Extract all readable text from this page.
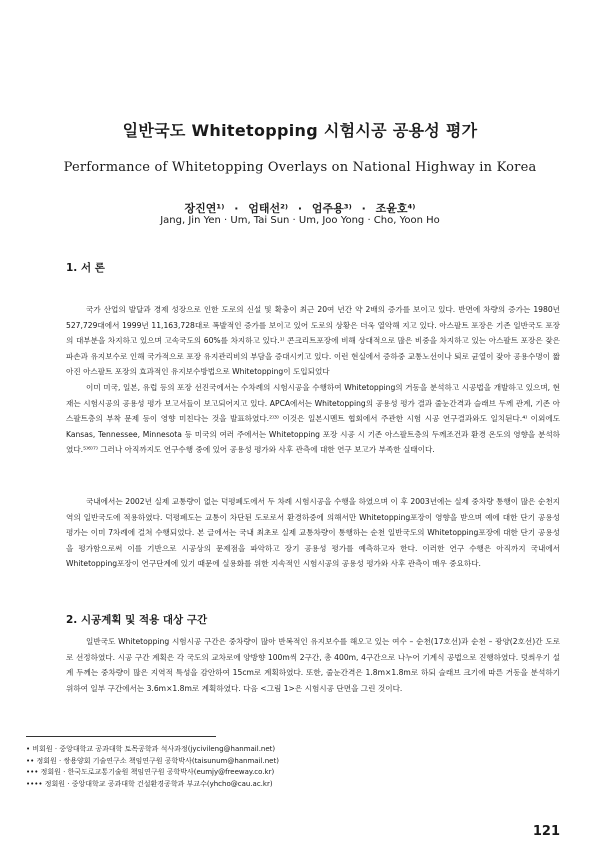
일반국도 Whitetopping 시험시공 공용성 평가
Performance of Whitetopping Overlays on National Highway in Korea
장진연¹⁾ · 엄태선²⁾ · 엄주용³⁾ · 조윤호⁴⁾
Jang, Jin Yen · Um, Tai Sun · Um, Joo Yong · Cho, Yoon Ho
1. 서 론

국가 산업의 발달과 경제 성장으로 인한 도로의 신설 및 확충이 최근 20여 년간 약 2배의 증가를 보이고 있다. 반면에 차량의 증가는 1980년 527,729대에서 1999년 11,163,728대로 폭발적인 증가를 보이고 있어 도로의 상황은 더욱 열악해 지고 있다. 아스팔트 포장은 기존 일반국도 포장의 대부분을 차지하고 있으며 고속국도의 60%를 차지하고 있다.¹⁾ 콘크리트포장에 비해 상대적으로 많은 비중을 차지하고 있는 아스팔트 포장은 잦은 파손과 유지보수로 인해 국가적으로 포장 유지관리비의 부담을 증대시키고 있다. 이런 현실에서 증하중 교통노선이나 퇴로 균열이 잦아 공용수명이 짧아진 아스팔트 포장의 효과적인 유지보수방법으로 Whitetopping이 도입되었다

이미 미국, 일본, 유럽 등의 포장 선진국에서는 수차례의 시험시공을 수행하여 Whitetopping의 거동을 분석하고 시공법을 개발하고 있으며, 현재는 시험시공의 공용성 평가 보고서들이 보고되어지고 있다. APCA에서는 Whitetopping의 공용성 평가 결과 줄눈간격과 슬래브 두께 관계, 기존 아스팔트층의 부착 문제 등이 영향 미친다는 것을 발표하였다.²⁾³⁾ 이것은 일본시멘트 협회에서 주관한 시험 시공 연구결과와도 일치된다.⁴⁾ 이외에도 Kansas, Tennessee, Minnesota 등 미국의 여러 주에서는 Whitetopping 포장 시공 시 기존 아스팔트층의 두께조건과 환경 온도의 영향을 분석하였다.⁵⁾⁶⁾⁷⁾ 그러나 아직까지도 연구수행 중에 있어 공용성 평가와 사후 관측에 대한 연구 보고가 부족한 실태이다.

국내에서는 2002년 실제 교통량이 없는 덕평폐도에서 두 차례 시험시공을 수행을 하였으며 이 후 2003년에는 실제 중차량 통행이 많은 순천지역의 일반국도에 적용하였다. 덕평폐도는 교통이 차단된 도로로서 환경하중에 의해서만 Whitetopping포장이 영향을 받으며 예에 대한 단기 공용성 평가는 이미 7차례에 걸쳐 수행되었다. 본 글에서는 국내 최초로 실제 교통차량이 통행하는 순천 일반국도의 Whitetopping포장에 대한 단기 공용성을 평가함으로써 이를 기반으로 시공상의 문제점을 파악하고 장기 공용성 평가를 예측하고자 한다. 이러한 연구 수행은 아직까지 국내에서 Whitetopping포장이 연구단계에 있기 때문에 실용화를 위한 지속적인 시험시공의 공용성 평가와 사후 관측이 매우 중요하다.

2. 시공계획 및 적용 대상 구간

일반국도 Whitetopping 시험시공 구간은 중차량이 많아 반복적인 유지보수를 해오고 있는 여수 – 순천(17호선)과 순천 – 광양(2호선)간 도로로 선정하였다. 시공 구간 계획은 각 국도의 교차로에 양방향 100m씩 2구간, 총 400m, 4구간으로 나누어 기계식 공법으로 진행하였다. 덧씌우기 설계 두께는 중차량이 많은 지역적 특성을 감안하여 15cm로 계획하였다. 또한, 줄눈간격은 1.8m×1.8m로 하되 슬래브 크기에 따른 거동을 분석하기 위하여 일부 구간에서는 3.6m×1.8m로 계획하였다. 다음 <그림 1>은 시험시공 단면을 그린 것이다.

• 비회원 · 중앙대학교 공과대학 토목공학과 석사과정(jycivileng@hanmail.net)
•• 정회원 · 쌍용양회 기술연구소 책임연구원 공학박사(taisunum@hanmail.net)
••• 정회원 · 한국도로교통기술원 책임연구원 공학박사(eumjy@freeway.co.kr)
•••• 정회원 · 중앙대학교 공과대학 건설환경공학과 부교수(yhcho@cau.ac.kr)
121
